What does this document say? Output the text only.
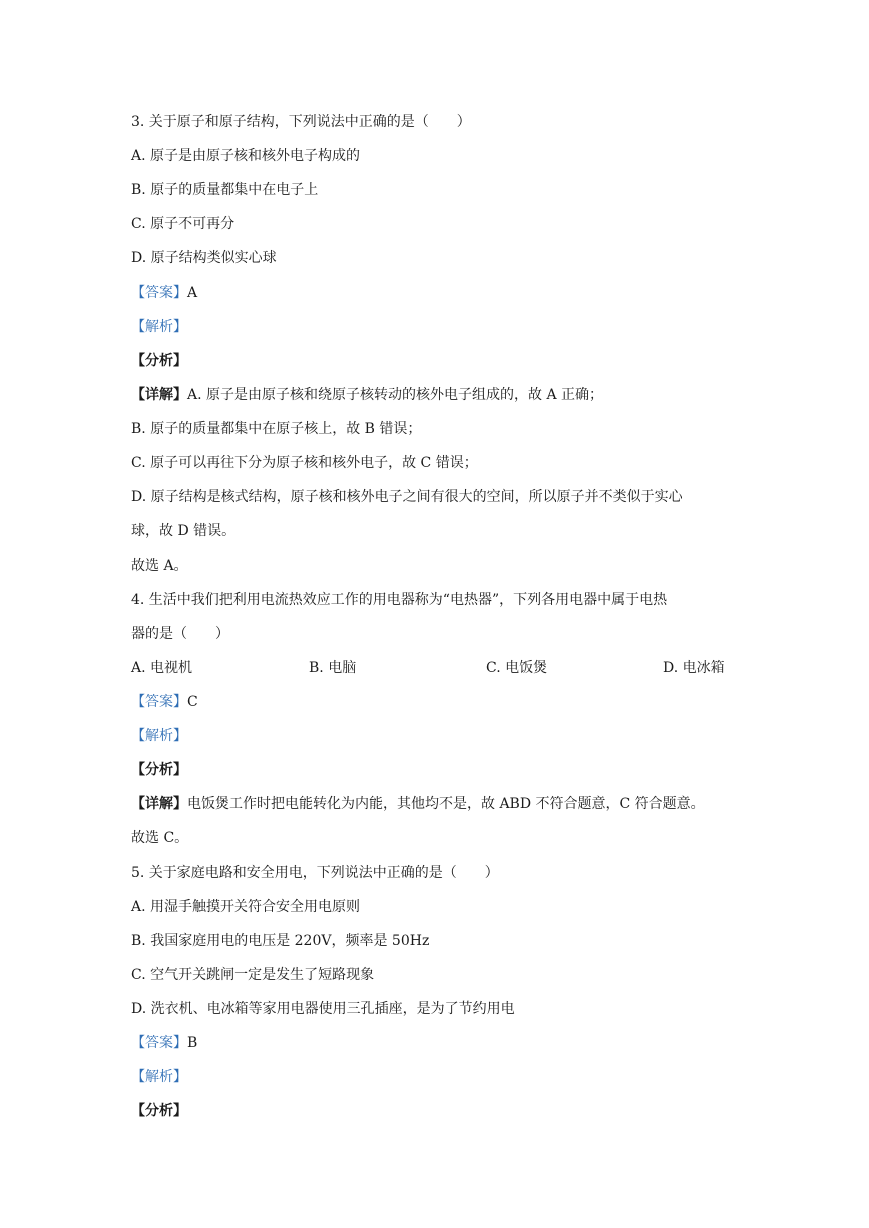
3. 关于原子和原子结构，下列说法中正确的是（　　）
A. 原子是由原子核和核外电子构成的
B. 原子的质量都集中在电子上
C. 原子不可再分
D. 原子结构类似实心球
【答案】A
【解析】
【分析】
【详解】A. 原子是由原子核和绕原子核转动的核外电子组成的，故 A 正确；
B. 原子的质量都集中在原子核上，故 B 错误；
C. 原子可以再往下分为原子核和核外电子，故 C 错误；
D. 原子结构是核式结构，原子核和核外电子之间有很大的空间，所以原子并不类似于实心
球，故 D 错误。
故选 A。
4. 生活中我们把利用电流热效应工作的用电器称为“电热器”，下列各用电器中属于电热
器的是（　　）
A. 电视机	B. 电脑	C. 电饭煲	D. 电冰箱
【答案】C
【解析】
【分析】
【详解】电饭煲工作时把电能转化为内能，其他均不是，故 ABD 不符合题意，C 符合题意。
故选 C。
5. 关于家庭电路和安全用电，下列说法中正确的是（　　）
A. 用湿手触摸开关符合安全用电原则
B. 我国家庭用电的电压是 220V，频率是 50Hz
C. 空气开关跳闸一定是发生了短路现象
D. 洗衣机、电冰箱等家用电器使用三孔插座，是为了节约用电
【答案】B
【解析】
【分析】
